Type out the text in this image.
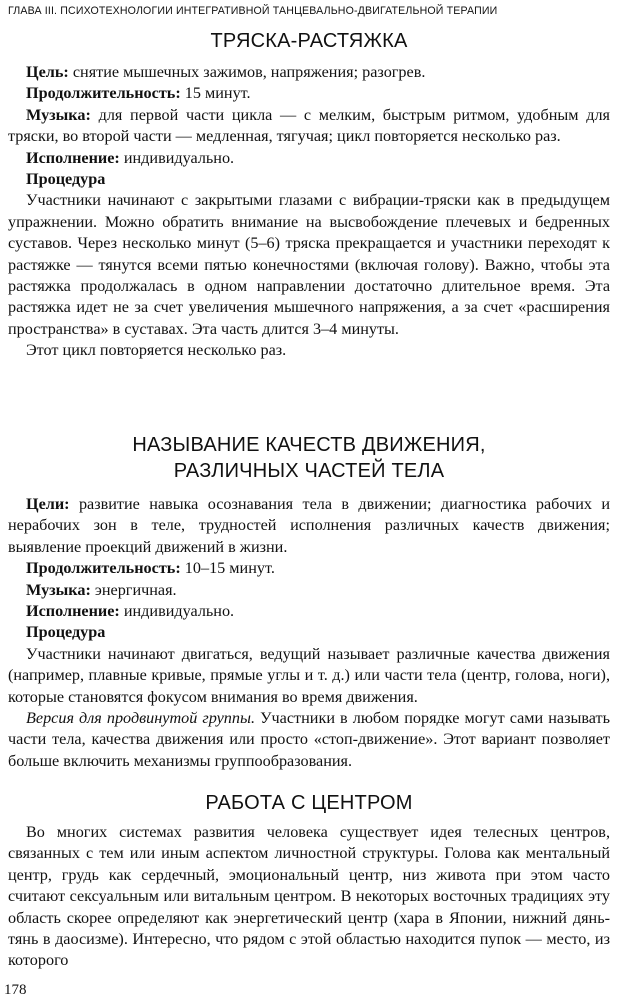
ГЛАВА III. ПСИХОТЕХНОЛОГИИ ИНТЕГРАТИВНОЙ ТАНЦЕВАЛЬНО-ДВИГАТЕЛЬНОЙ ТЕРАПИИ
ТРЯСКА-РАСТЯЖКА

Цель: снятие мышечных зажимов, напряжения; разогрев.

Продолжительность: 15 минут.

Музыка: для первой части цикла — с мелким, быстрым ритмом, удобным для тряски, во второй части — медленная, тягучая; цикл повторяется несколько раз.

Исполнение: индивидуально.

Процедура

Участники начинают с закрытыми глазами с вибрации-тряски как в предыдущем упражнении. Можно обратить внимание на высвобождение плечевых и бедренных суставов. Через несколько минут (5–6) тряска прекращается и участники переходят к растяжке — тянутся всеми пятью конечностями (включая голову). Важно, чтобы эта растяжка продолжалась в одном направлении достаточно длительное время. Эта растяжка идет не за счет увеличения мышечного напряжения, а за счет «расширения пространства» в суставах. Эта часть длится 3–4 минуты.

Этот цикл повторяется несколько раз.

НАЗЫВАНИЕ КАЧЕСТВ ДВИЖЕНИЯ,
РАЗЛИЧНЫХ ЧАСТЕЙ ТЕЛА

Цели: развитие навыка осознавания тела в движении; диагностика рабочих и нерабочих зон в теле, трудностей исполнения различных качеств движения; выявление проекций движений в жизни.

Продолжительность: 10–15 минут.

Музыка: энергичная.

Исполнение: индивидуально.

Процедура

Участники начинают двигаться, ведущий называет различные качества движения (например, плавные кривые, прямые углы и т. д.) или части тела (центр, голова, ноги), которые становятся фокусом внимания во время движения.

Версия для продвинутой группы. Участники в любом порядке могут сами называть части тела, качества движения или просто «стоп-движение». Этот вариант позволяет больше включить механизмы группообразования.

РАБОТА С ЦЕНТРОМ

Во многих системах развития человека существует идея телесных центров, связанных с тем или иным аспектом личностной структуры. Голова как ментальный центр, грудь как сердечный, эмоциональный центр, низ живота при этом часто считают сексуальным или витальным центром. В некоторых восточных традициях эту область скорее определяют как энергетический центр (хара в Японии, нижний дянь-тянь в даосизме). Интересно, что рядом с этой областью находится пупок — место, из которого

178
